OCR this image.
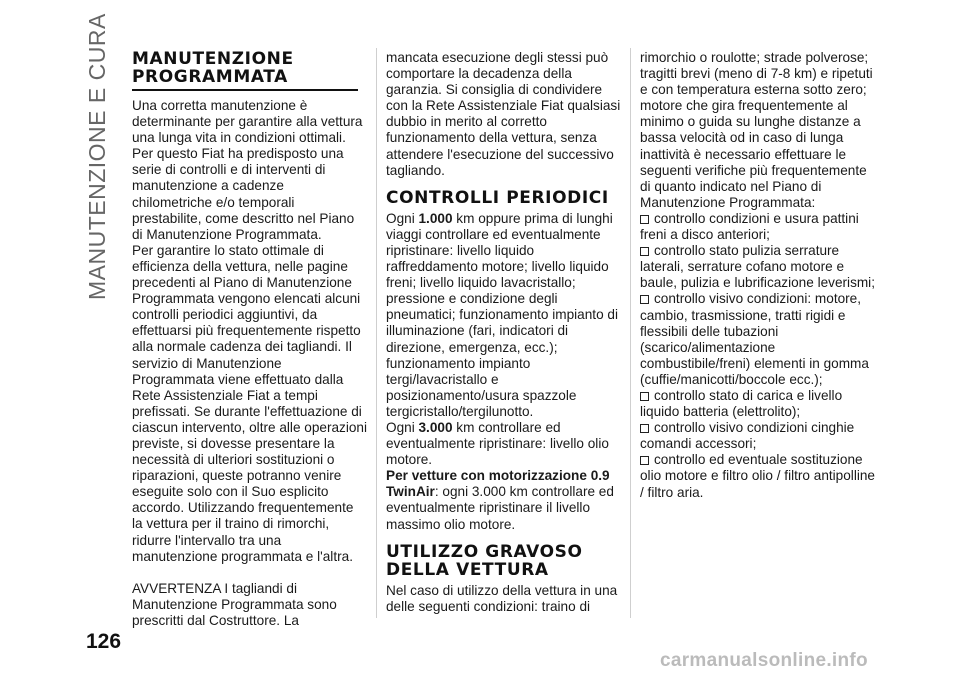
MANUTENZIONE E CURA MANUTENZIONE
PROGRAMMATA

Una corretta manutenzione è determinante per garantire alla vettura una lunga vita in condizioni ottimali. Per questo Fiat ha predisposto una serie di controlli e di interventi di manutenzione a cadenze chilometriche e/o temporali prestabilite, come descritto nel Piano di Manutenzione Programmata.

Per garantire lo stato ottimale di efficienza della vettura, nelle pagine precedenti al Piano di Manutenzione Programmata vengono elencati alcuni controlli periodici aggiuntivi, da effettuarsi più frequentemente rispetto alla normale cadenza dei tagliandi. Il servizio di Manutenzione Programmata viene effettuato dalla Rete Assistenziale Fiat a tempi prefissati. Se durante l'effettuazione di ciascun intervento, oltre alle operazioni previste, si dovesse presentare la necessità di ulteriori sostituzioni o riparazioni, queste potranno venire eseguite solo con il Suo esplicito accordo. Utilizzando frequentemente la vettura per il traino di rimorchi, ridurre l'intervallo tra una manutenzione programmata e l'altra.

AVVERTENZA I tagliandi di Manutenzione Programmata sono prescritti dal Costruttore. La

mancata esecuzione degli stessi può comportare la decadenza della garanzia. Si consiglia di condividere con la Rete Assistenziale Fiat qualsiasi dubbio in merito al corretto funzionamento della vettura, senza attendere l'esecuzione del successivo tagliando.

CONTROLLI PERIODICI

Ogni 1.000 km oppure prima di lunghi viaggi controllare ed eventualmente ripristinare: livello liquido raffreddamento motore; livello liquido freni; livello liquido lavacristallo; pressione e condizione degli pneumatici; funzionamento impianto di illuminazione (fari, indicatori di direzione, emergenza, ecc.); funzionamento impianto tergi/lavacristallo e posizionamento/usura spazzole tergicristallo/tergilunotto.

Ogni 3.000 km controllare ed eventualmente ripristinare: livello olio motore.

Per vetture con motorizzazione 0.9 TwinAir: ogni 3.000 km controllare ed eventualmente ripristinare il livello massimo olio motore.

UTILIZZO GRAVOSO
DELLA VETTURA

Nel caso di utilizzo della vettura in una delle seguenti condizioni: traino di

rimorchio o roulotte; strade polverose; tragitti brevi (meno di 7-8 km) e ripetuti e con temperatura esterna sotto zero; motore che gira frequentemente al minimo o guida su lunghe distanze a bassa velocità od in caso di lunga inattività è necessario effettuare le seguenti verifiche più frequentemente di quanto indicato nel Piano di Manutenzione Programmata:

controllo condizioni e usura pattini freni a disco anteriori;

controllo stato pulizia serrature laterali, serrature cofano motore e baule, pulizia e lubrificazione leverismi;

controllo visivo condizioni: motore, cambio, trasmissione, tratti rigidi e flessibili delle tubazioni (scarico/alimentazione combustibile/freni) elementi in gomma (cuffie/manicotti/boccole ecc.);

controllo stato di carica e livello liquido batteria (elettrolito);

controllo visivo condizioni cinghie comandi accessori;

controllo ed eventuale sostituzione olio motore e filtro olio / filtro antipolline / filtro aria.

126
carmanualsonline.info
